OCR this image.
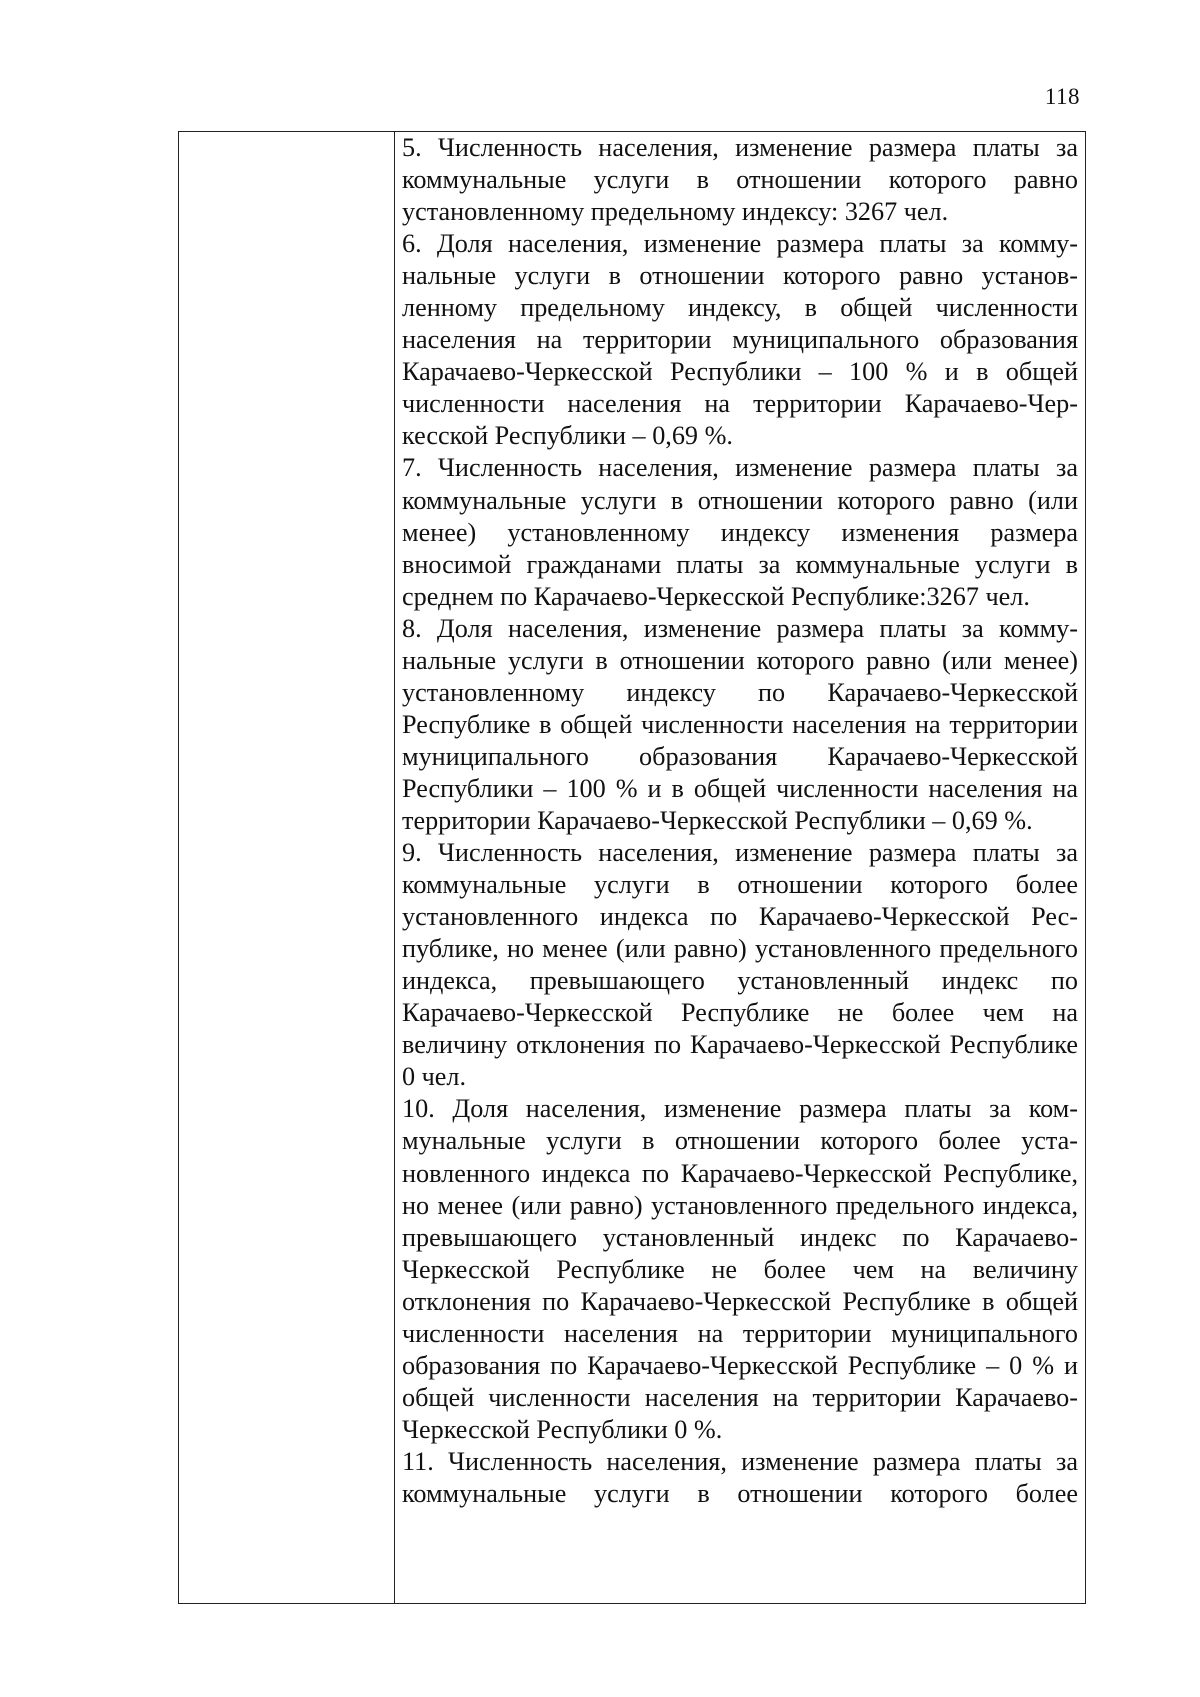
118

5. Численность населения, изменение размера платы за коммунальные услуги в отношении которого равно установленному предельному индексу: 3267 чел.

6. Доля населения, изменение размера платы за коммунальные услуги в отношении которого равно установленному предельному индексу, в общей численности населения на территории муниципального образования Карачаево-Черкесской Республики – 100 % и в общей численности населения на территории Карачаево-Черкесской Республики – 0,69 %.

7. Численность населения, изменение размера платы за коммунальные услуги в отношении которого равно (или менее) установленному индексу изменения размера вносимой гражданами платы за коммунальные услуги в среднем по Карачаево-Черкесской Республике:3267 чел.

8. Доля населения, изменение размера платы за коммунальные услуги в отношении которого равно (или менее) установленному индексу по Карачаево-Черкесской Республике в общей численности населения на территории муниципального образования Карачаево-Черкесской Республики – 100 % и в общей численности населения на территории Карачаево-Черкесской Республики – 0,69 %.

9. Численность населения, изменение размера платы за коммунальные услуги в отношении которого более установленного индекса по Карачаево-Черкесской Республике, но менее (или равно) установленного предельного индекса, превышающего установленный индекс по Карачаево-Черкесской Республике не более чем на величину отклонения по Карачаево-Черкесской Республике 0 чел.

10. Доля населения, изменение размера платы за коммунальные услуги в отношении которого более установленного индекса по Карачаево-Черкесской Республике, но менее (или равно) установленного предельного индекса, превышающего установленный индекс по Карачаево-Черкесской Республике не более чем на величину отклонения по Карачаево-Черкесской Республике в общей численности населения на территории муниципального образования по Карачаево-Черкесской Республике – 0 % и общей численности населения на территории Карачаево-Черкесской Республики 0 %.

11. Численность населения, изменение размера платы за коммунальные услуги в отношении которого более
